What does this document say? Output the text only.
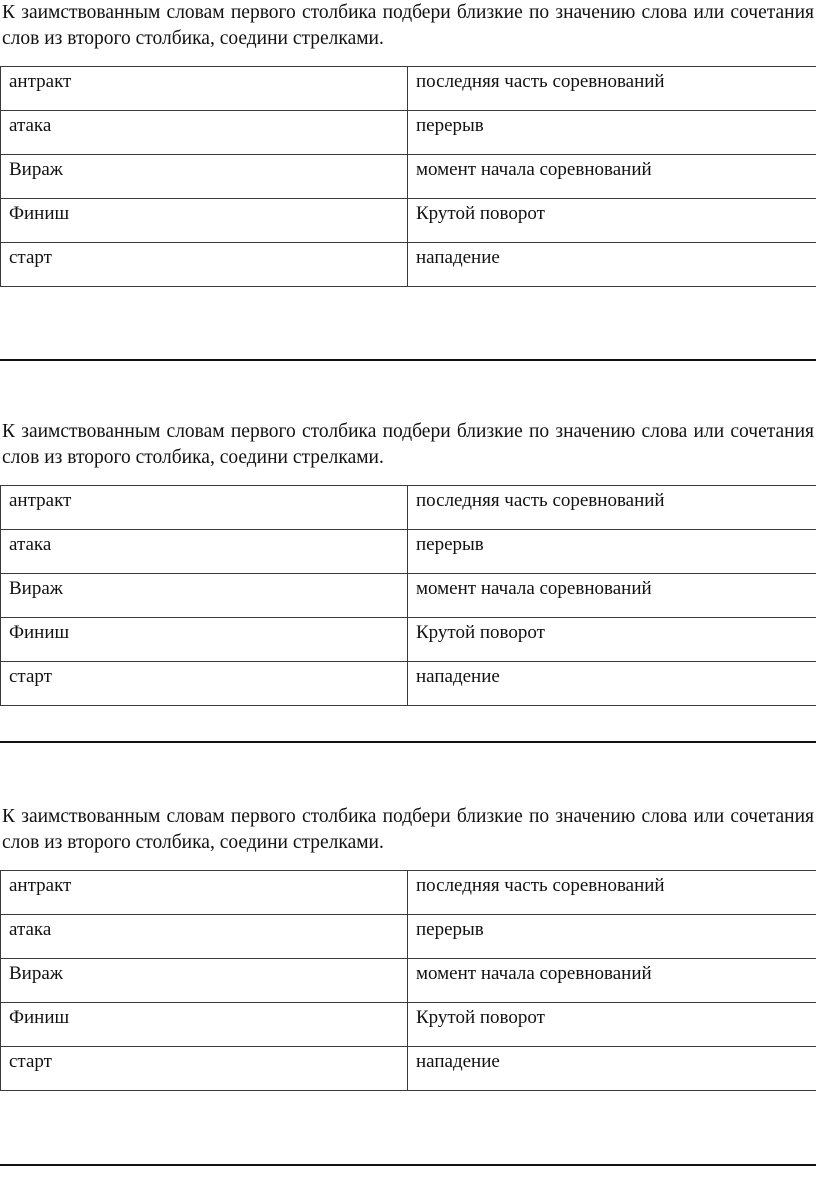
К заимствованным словам первого столбика подбери близкие по значению слова или сочетания слов из второго столбика, соедини стрелками.

антракт	последняя часть соревнований
атака	перерыв
Вираж	момент начала соревнований
Финиш	Крутой поворот
старт	нападение

К заимствованным словам первого столбика подбери близкие по значению слова или сочетания слов из второго столбика, соедини стрелками.

антракт	последняя часть соревнований
атака	перерыв
Вираж	момент начала соревнований
Финиш	Крутой поворот
старт	нападение

К заимствованным словам первого столбика подбери близкие по значению слова или сочетания слов из второго столбика, соедини стрелками.

антракт	последняя часть соревнований
атака	перерыв
Вираж	момент начала соревнований
Финиш	Крутой поворот
старт	нападение
